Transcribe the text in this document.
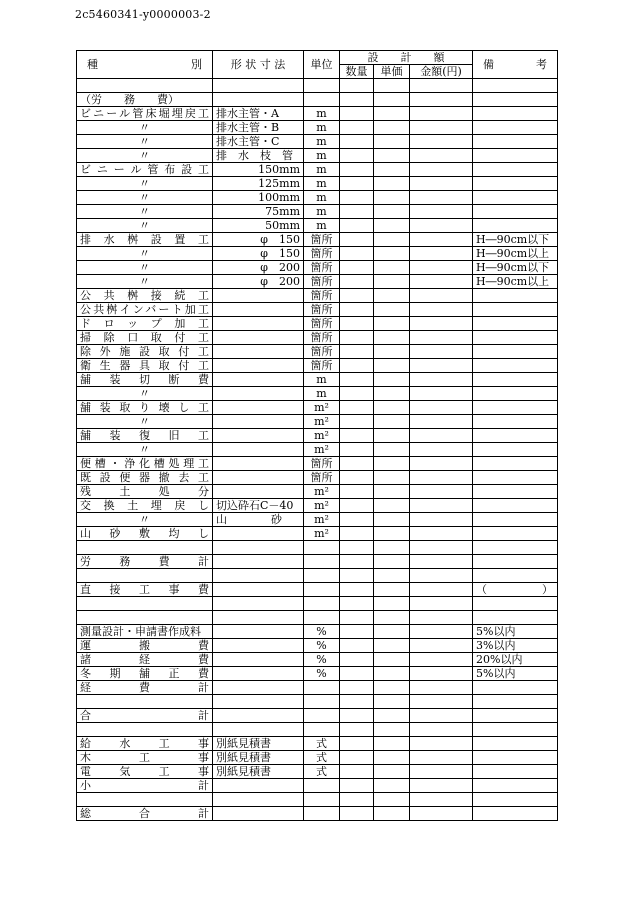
2c5460341-y0000003-2
種　　　　別	形 状 寸 法	単位	設　　計　　額			備　　　考
			数量	単価	金額(円)	

（労　　務　　費）						
ビニール管床堀埋戻工	排水主管・A	m				
〃	排水主管・B	m				
〃	排水主管・C	m				
〃	排　水　枝　管	m				
ビニール管布設工	150mm	m				
〃	125mm	m				
〃	100mm	m				
〃	75mm	m				
〃	50mm	m				
排水桝設置工	φ　150	箇所				H―90cm以下
〃	φ　150	箇所				H―90cm以上
〃	φ　200	箇所				H―90cm以下
〃	φ　200	箇所				H―90cm以上
公共桝接続工		箇所				
公共桝インバート加工		箇所				
ドロップ加工		箇所				
掃除口取付工		箇所				
除外施設取付工		箇所				
衛生器具取付工		箇所				
舗装切断費		m				
〃		m				
舗装取り壊し工		m²				
〃		m²				
舗装復旧工		m²				
〃		m²				
便槽・浄化槽処理工		箇所				
既設便器撤去工		箇所				
残土処分		m²				
交換土埋戻し	切込砕石C－40	m²				
〃	山　　　　砂	m²				
山砂敷均し		m²				

労務費計						

直接工事費						（　　　　　）

測量設計・申請書作成料		%				5%以内
運搬費		%				3%以内
諸経費		%				20%以内
冬期舗正費		%				5%以内
経費計						

合計						

給水工事	別紙見積書	式				
木工事	別紙見積書	式				
電気工事	別紙見積書	式				
小計						

総合計						
